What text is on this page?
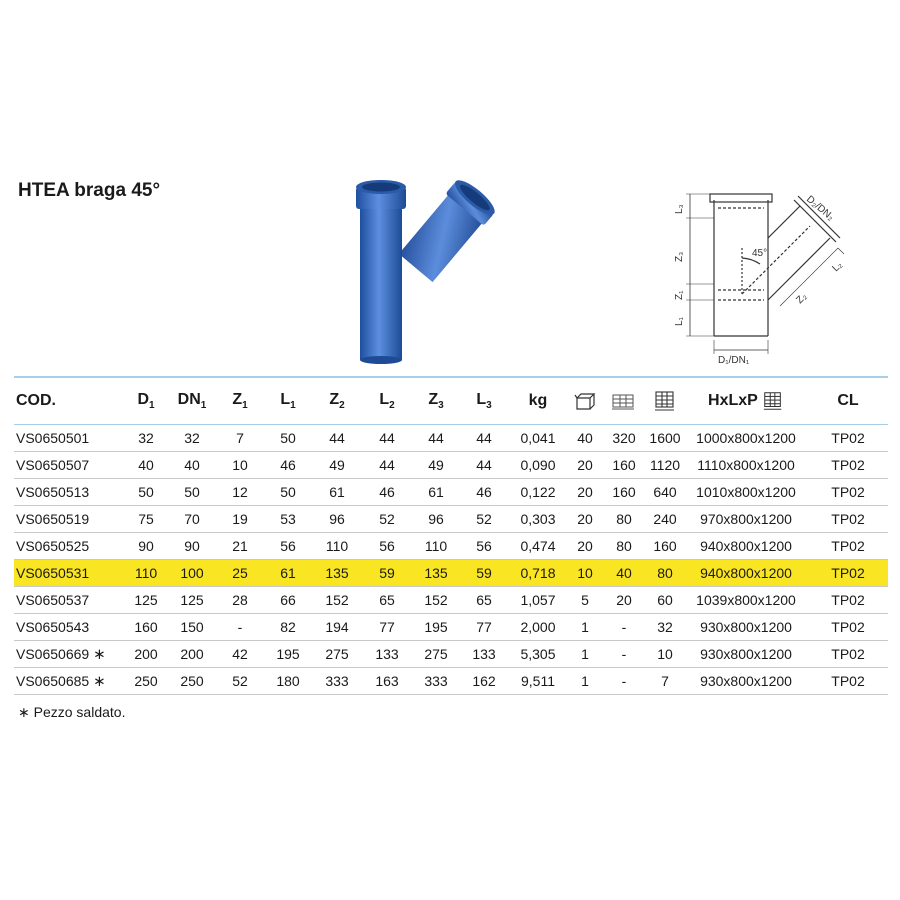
HTEA braga 45°
D₂/DN₂
45°
D₁/DN₁
L₃
Z₃
Z₁
L₁
L₂
Z₂
COD.	$D_1$	$DN_1$	$Z_1$	$L_1$	$Z_2$	$L_2$	$Z_3$	$L_3$	kg				HxLxP	CL
VS0650501	32	32	7	50	44	44	44	44	0,041	40	320	1600	1000x800x1200	TP02
VS0650507	40	40	10	46	49	44	49	44	0,090	20	160	1120	1110x800x1200	TP02
VS0650513	50	50	12	50	61	46	61	46	0,122	20	160	640	1010x800x1200	TP02
VS0650519	75	70	19	53	96	52	96	52	0,303	20	80	240	970x800x1200	TP02
VS0650525	90	90	21	56	110	56	110	56	0,474	20	80	160	940x800x1200	TP02
VS0650531	110	100	25	61	135	59	135	59	0,718	10	40	80	940x800x1200	TP02
VS0650537	125	125	28	66	152	65	152	65	1,057	5	20	60	1039x800x1200	TP02
VS0650543	160	150	-	82	194	77	195	77	2,000	1	-	32	930x800x1200	TP02
VS0650669 ∗	200	200	42	195	275	133	275	133	5,305	1	-	10	930x800x1200	TP02
VS0650685 ∗	250	250	52	180	333	163	333	162	9,511	1	-	7	930x800x1200	TP02

∗ Pezzo saldato.
